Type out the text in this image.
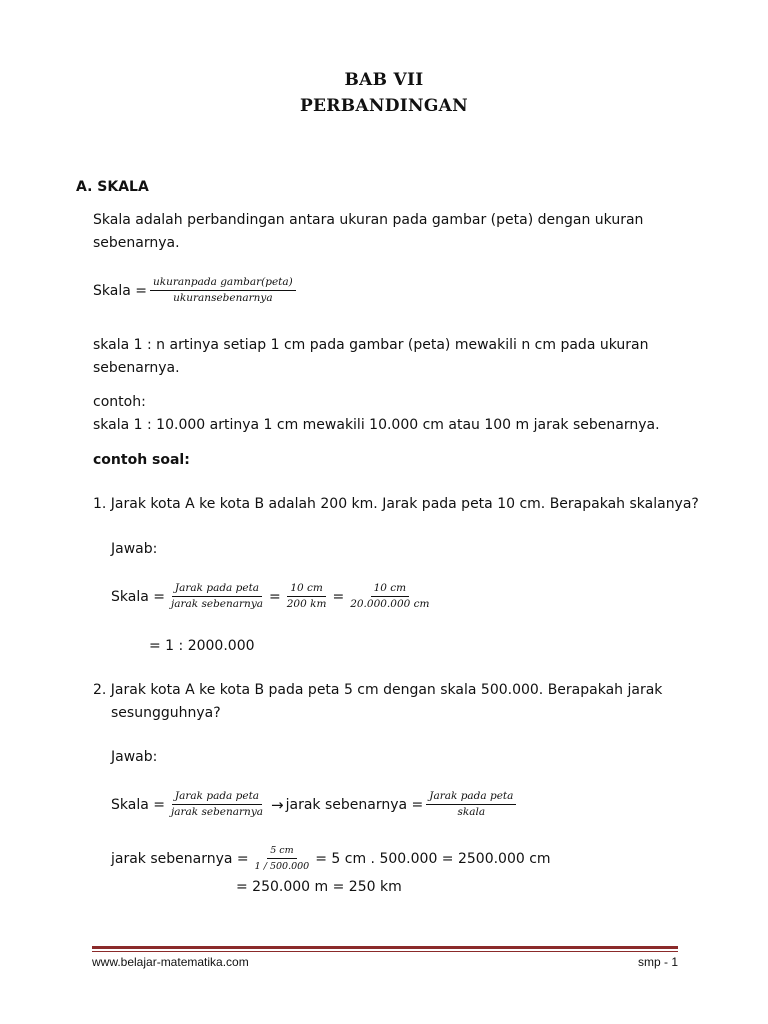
BAB VII
PERBANDINGAN
A. SKALA
Skala adalah perbandingan antara ukuran pada gambar (peta) dengan ukuran
sebenarnya.
Skala = $\frac{\text{ukuranpada gambar(peta)}}{\text{ukuransebenarnya}}$
skala 1 : n artinya setiap 1 cm pada gambar (peta) mewakili n cm pada ukuran
sebenarnya.
contoh:
skala 1 : 10.000 artinya 1 cm mewakili 10.000 cm atau 100 m jarak sebenarnya.
contoh soal:
1. Jarak kota A ke kota B adalah 200 km. Jarak pada peta 10 cm. Berapakah skalanya?
Jawab:
Skala = $\frac{\text{Jarak pada peta}}{\text{jarak sebenarnya}} = \frac{10 cm}{200 km} = \frac{10 cm}{20.000.000 cm}$
= 1 : 2000.000
2. Jarak kota A ke kota B pada peta 5 cm dengan skala 500.000. Berapakah jarak
sesungguhnya?
Jawab:
Skala = $\frac{\text{Jarak pada peta}}{\text{jarak sebenarnya}}$ → jarak sebenarnya = $\frac{\text{Jarak pada peta}}{\text{skala}}$
jarak sebenarnya = $\frac{5 cm}{1 / 500.000} = 5$ cm . 500.000 = 2500.000 cm
= 250.000 m = 250 km
www.belajar-matematika.com	smp - 1
